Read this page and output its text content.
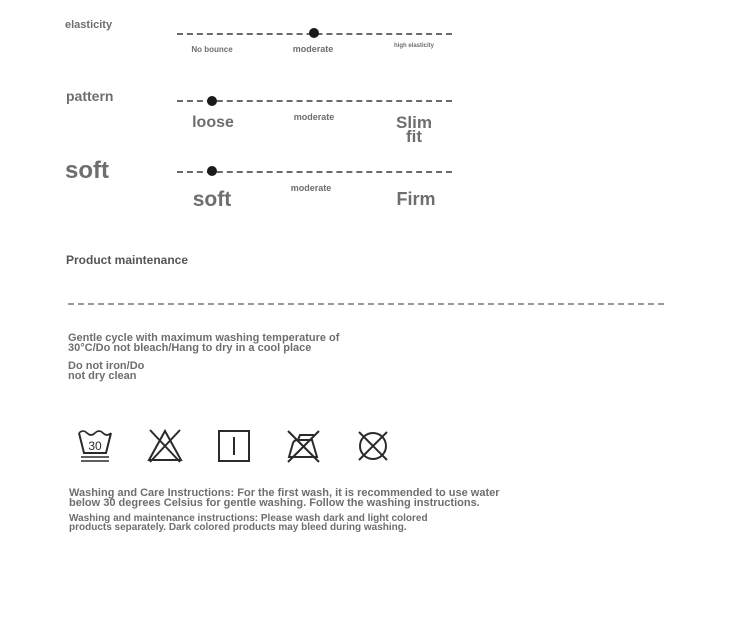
elasticity
No bounce	moderate	high elasticity
pattern
loose	moderate	Slim
fit
soft
soft	moderate
Firm
Product maintenance
Gentle cycle with maximum washing temperature of
30°C/Do not bleach/Hang to dry in a cool place
Do not iron/Do
not dry clean
30
Washing and Care Instructions: For the first wash, it is recommended to use water
below 30 degrees Celsius for gentle washing. Follow the washing instructions.
Washing and maintenance instructions: Please wash dark and light colored
products separately. Dark colored products may bleed during washing.
